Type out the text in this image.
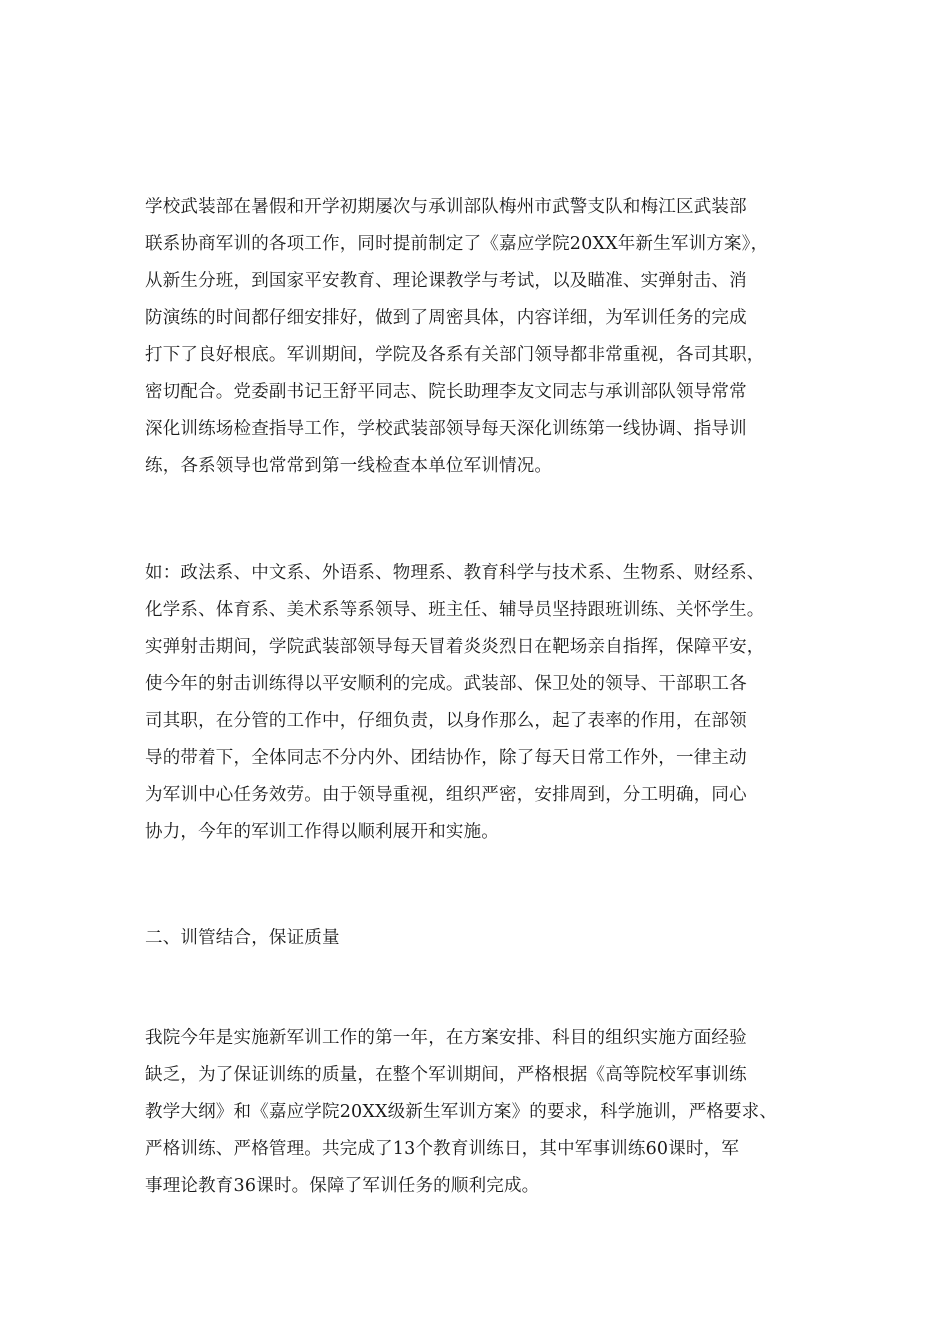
学校武装部在暑假和开学初期屡次与承训部队梅州市武警支队和梅江区武装部
联系协商军训的各项工作，同时提前制定了《嘉应学院20XX年新生军训方案》，
从新生分班，到国家平安教育、理论课教学与考试，以及瞄准、实弹射击、消
防演练的时间都仔细安排好，做到了周密具体，内容详细，为军训任务的完成
打下了良好根底。军训期间，学院及各系有关部门领导都非常重视，各司其职，
密切配合。党委副书记王舒平同志、院长助理李友文同志与承训部队领导常常
深化训练场检查指导工作，学校武装部领导每天深化训练第一线协调、指导训
练，各系领导也常常到第一线检查本单位军训情况。
如：政法系、中文系、外语系、物理系、教育科学与技术系、生物系、财经系、
化学系、体育系、美术系等系领导、班主任、辅导员坚持跟班训练、关怀学生。
实弹射击期间，学院武装部领导每天冒着炎炎烈日在靶场亲自指挥，保障平安，
使今年的射击训练得以平安顺利的完成。武装部、保卫处的领导、干部职工各
司其职，在分管的工作中，仔细负责，以身作那么，起了表率的作用，在部领
导的带着下，全体同志不分内外、团结协作，除了每天日常工作外，一律主动
为军训中心任务效劳。由于领导重视，组织严密，安排周到，分工明确，同心
协力，今年的军训工作得以顺利展开和实施。
二、训管结合，保证质量
我院今年是实施新军训工作的第一年，在方案安排、科目的组织实施方面经验
缺乏，为了保证训练的质量，在整个军训期间，严格根据《高等院校军事训练
教学大纲》和《嘉应学院20XX级新生军训方案》的要求，科学施训，严格要求、
严格训练、严格管理。共完成了13个教育训练日，其中军事训练60课时，军
事理论教育36课时。保障了军训任务的顺利完成。
